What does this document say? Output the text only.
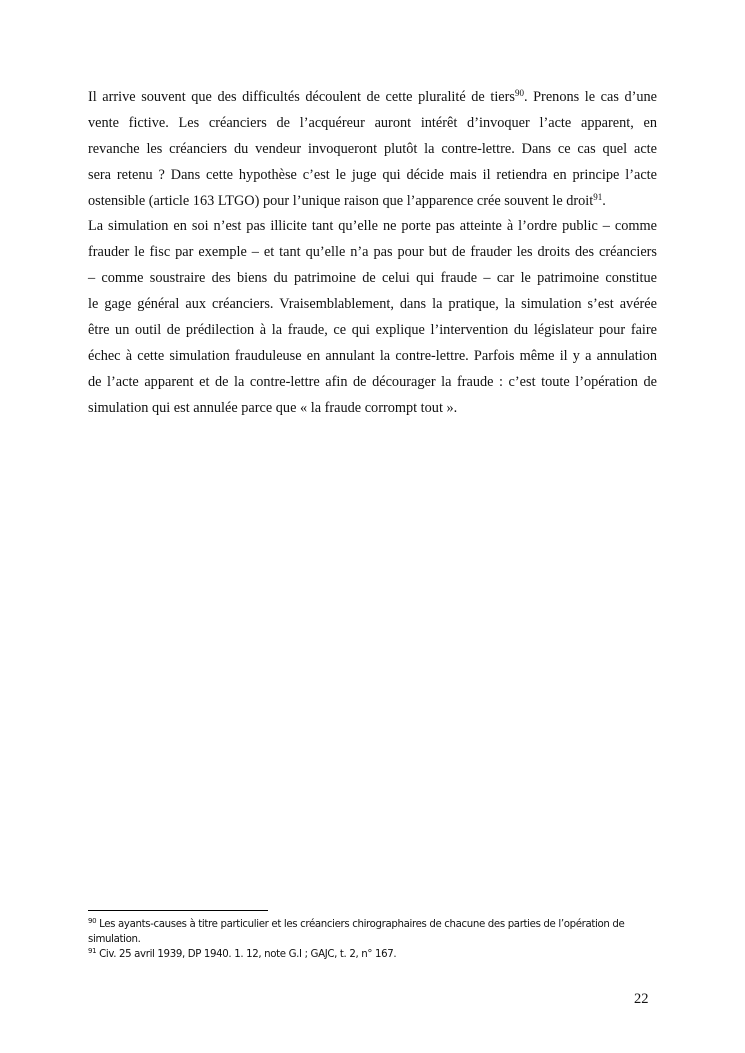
Il arrive souvent que des difficultés découlent de cette pluralité de tiers$^{90}$. Prenons le cas d’une
vente fictive. Les créanciers de l’acquéreur auront intérêt d’invoquer l’acte apparent, en
revanche les créanciers du vendeur invoqueront plutôt la contre-lettre. Dans ce cas quel acte
sera retenu ? Dans cette hypothèse c’est le juge qui décide mais il retiendra en principe l’acte
ostensible (article 163 LTGO) pour l’unique raison que l’apparence crée souvent le droit$^{91}$.
La simulation en soi n’est pas illicite tant qu’elle ne porte pas atteinte à l’ordre public – comme
frauder le fisc par exemple – et tant qu’elle n’a pas pour but de frauder les droits des créanciers
– comme soustraire des biens du patrimoine de celui qui fraude – car le patrimoine constitue
le gage général aux créanciers. Vraisemblablement, dans la pratique, la simulation s’est avérée
être un outil de prédilection à la fraude, ce qui explique l’intervention du législateur pour faire
échec à cette simulation frauduleuse en annulant la contre-lettre. Parfois même il y a annulation
de l’acte apparent et de la contre-lettre afin de décourager la fraude : c’est toute l’opération de
simulation qui est annulée parce que « la fraude corrompt tout ».
$^{90}$ Les ayants-causes à titre particulier et les créanciers chirographaires de chacune des parties de l’opération de simulation.
$^{91}$ Civ. 25 avril 1939, DP 1940. 1. 12, note G.I ; GAJC, t. 2, n° 167.
22
